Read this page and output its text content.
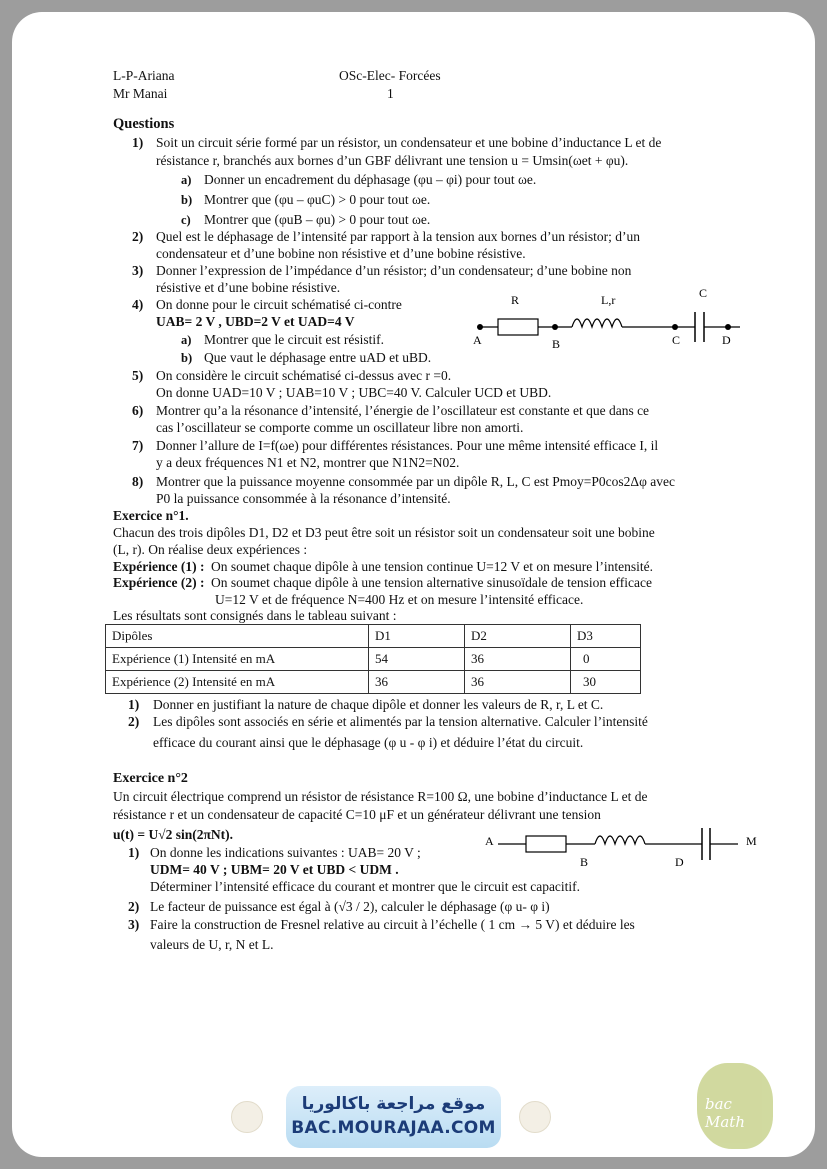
L-P-Ariana
Mr Manai
OSc-Elec- Forcées
1
Questions
1) Soit un circuit série formé par un résistor, un condensateur et une bobine d’inductance L et de
résistance r, branchés aux bornes d’un GBF délivrant une tension u = Umsin(ωet + φu).
a) Donner un encadrement du déphasage (φu – φi) pour tout ωe.
b) Montrer que (φu – φuC) > 0 pour tout ωe.
c) Montrer que (φuB – φu) > 0 pour tout ωe.
2) Quel est le déphasage de l’intensité par rapport à la tension aux bornes d’un résistor; d’un
condensateur et d’une bobine non résistive et d’une bobine résistive.
3) Donner l’expression de l’impédance d’un résistor; d’un condensateur; d’une bobine non
résistive et d’une bobine résistive.
4) On donne pour le circuit schématisé ci-contre
UAB= 2 V , UBD=2 V et UAD=4 V
a) Montrer que le circuit est résistif.
b) Que vaut le déphasage entre uAD et uBD.
R	L,r	C
A	B	C	D
5) On considère le circuit schématisé ci-dessus avec r =0.
On donne UAD=10 V ; UAB=10 V ; UBC=40 V. Calculer UCD et UBD.
6) Montrer qu’a la résonance d’intensité, l’énergie de l’oscillateur est constante et que dans ce
cas l’oscillateur se comporte comme un oscillateur libre non amorti.
7) Donner l’allure de I=f(ωe) pour différentes résistances. Pour une même intensité efficace I, il
y a deux fréquences N1 et N2, montrer que N1N2=N02.
8) Montrer que la puissance moyenne consommée par un dipôle R, L, C est Pmoy=P0cos2Δφ avec
P0 la puissance consommée à la résonance d’intensité.
Exercice n°1.
Chacun des trois dipôles D1, D2 et D3 peut être soit un résistor soit un condensateur soit une bobine
(L, r). On réalise deux expériences :
Expérience (1) : On soumet chaque dipôle à une tension continue U=12 V et on mesure l’intensité.
Expérience (2) : On soumet chaque dipôle à une tension alternative sinusoïdale de tension efficace
U=12 V et de fréquence N=400 Hz et on mesure l’intensité efficace.
Les résultats sont consignés dans le tableau suivant :
Dipôles	D1	D2	D3
Expérience (1) Intensité en mA	54	36	0
Expérience (2) Intensité en mA	36	36	30
1) Donner en justifiant la nature de chaque dipôle et donner les valeurs de R, r, L et C.
2) Les dipôles sont associés en série et alimentés par la tension alternative. Calculer l’intensité
efficace du courant ainsi que le déphasage (φ u - φ i) et déduire l’état du circuit.
Exercice n°2
Un circuit électrique comprend un résistor de résistance R=100 Ω, une bobine d’inductance L et de
résistance r et un condensateur de capacité C=10 μF et un générateur délivrant une tension
u(t) = U√2 sin(2πNt).	A
B	D
M
1) On donne les indications suivantes : UAB= 20 V ;
UDM= 40 V ; UBM= 20 V et UBD < UDM .
Déterminer l’intensité efficace du courant et montrer que le circuit est capacitif.
2) Le facteur de puissance est égal à (√3 / 2), calculer le déphasage (φ u- φ i)
3) Faire la construction de Fresnel relative au circuit à l’échelle ( 1 cm → 5 V) et déduire les
valeurs de U, r, N et L.
موقع مراجعة باكالوريا
BAC.MOURAJAA.COM
bac Math
